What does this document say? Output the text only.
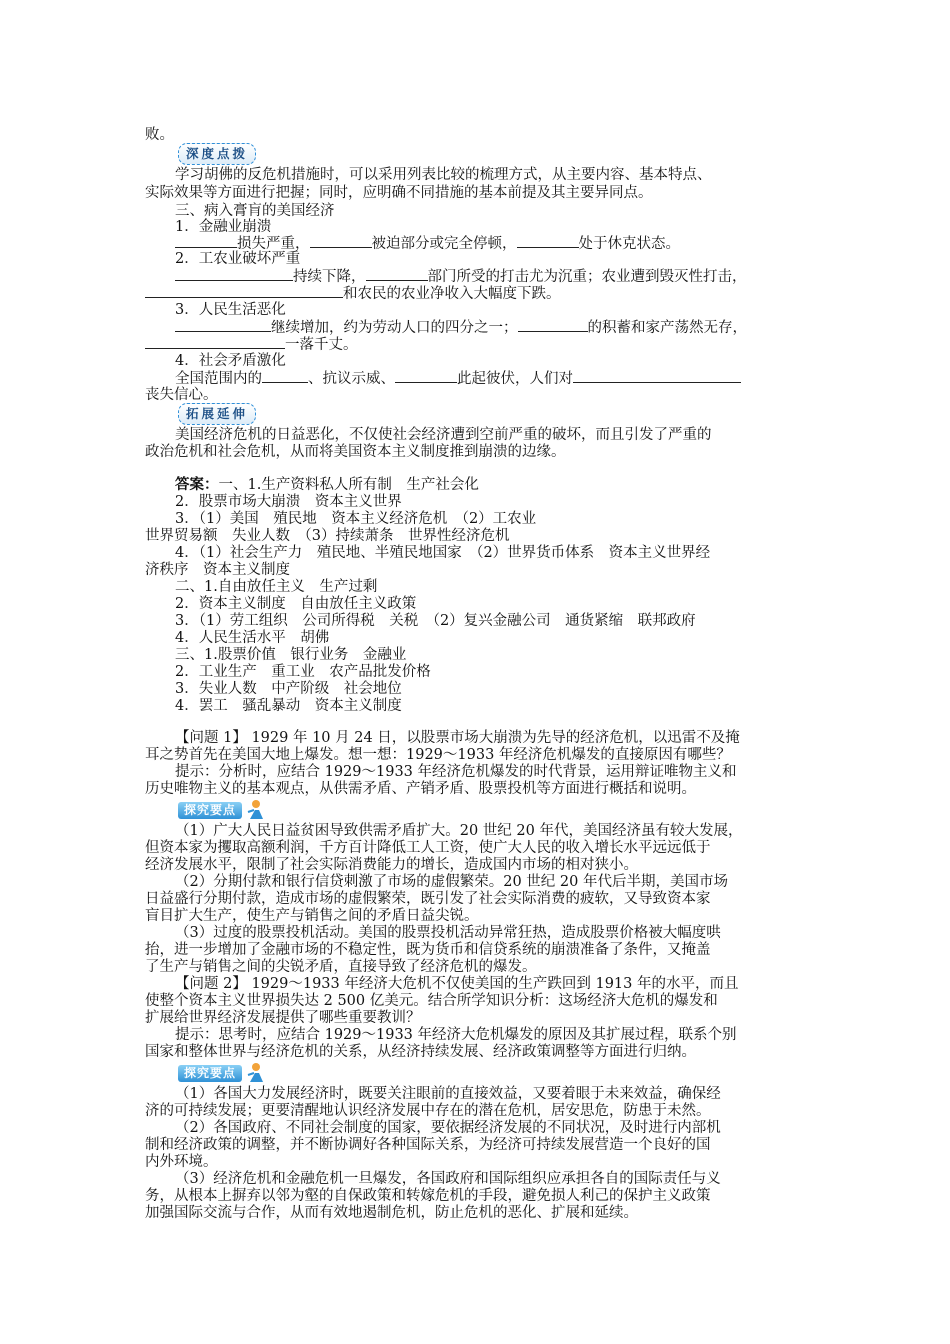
败。
深度点拨
学习胡佛的反危机措施时，可以采用列表比较的梳理方式，从主要内容、基本特点、
实际效果等方面进行把握；同时，应明确不同措施的基本前提及其主要异同点。
三、病入膏肓的美国经济
1．金融业崩溃
损失严重，	被迫部分或完全停顿，	处于休克状态。
2．工农业破坏严重
持续下降，	部门所受的打击尤为沉重；农业遭到毁灭性打击，
和农民的农业净收入大幅度下跌。
3．人民生活恶化
继续增加，约为劳动人口的四分之一；	的积蓄和家产荡然无存，
一落千丈。
4．社会矛盾激化
全国范围内的	、抗议示威、	此起彼伏，人们对
丧失信心。
拓展延伸
美国经济危机的日益恶化，不仅使社会经济遭到空前严重的破坏，而且引发了严重的
政治危机和社会危机，从而将美国资本主义制度推到崩溃的边缘。
答案：一、1.生产资料私人所有制　生产社会化
2．股票市场大崩溃　资本主义世界
3．（1）美国　殖民地　资本主义经济危机　（2）工农业
世界贸易额　失业人数　（3）持续萧条　世界性经济危机
4．（1）社会生产力　殖民地、半殖民地国家　（2）世界货币体系　资本主义世界经
济秩序　资本主义制度
二、1.自由放任主义　生产过剩
2．资本主义制度　自由放任主义政策
3．（1）劳工组织　公司所得税　关税　（2）复兴金融公司　通货紧缩　联邦政府
4．人民生活水平　胡佛
三、1.股票价值　银行业务　金融业
2．工业生产　重工业　农产品批发价格
3．失业人数　中产阶级　社会地位
4．罢工　骚乱暴动　资本主义制度
【问题 1】 1929 年 10 月 24 日，以股票市场大崩溃为先导的经济危机，以迅雷不及掩
耳之势首先在美国大地上爆发。想一想：1929～1933 年经济危机爆发的直接原因有哪些？
提示：分析时，应结合 1929～1933 年经济危机爆发的时代背景，运用辩证唯物主义和
历史唯物主义的基本观点，从供需矛盾、产销矛盾、股票投机等方面进行概括和说明。
探究要点
（1）广大人民日益贫困导致供需矛盾扩大。20 世纪 20 年代，美国经济虽有较大发展，
但资本家为攫取高额利润，千方百计降低工人工资，使广大人民的收入增长水平远远低于
经济发展水平，限制了社会实际消费能力的增长，造成国内市场的相对狭小。
（2）分期付款和银行信贷刺激了市场的虚假繁荣。20 世纪 20 年代后半期，美国市场
日益盛行分期付款，造成市场的虚假繁荣，既引发了社会实际消费的疲软，又导致资本家
盲目扩大生产，使生产与销售之间的矛盾日益尖锐。
（3）过度的股票投机活动。美国的股票投机活动异常狂热，造成股票价格被大幅度哄
抬，进一步增加了金融市场的不稳定性，既为货币和信贷系统的崩溃准备了条件，又掩盖
了生产与销售之间的尖锐矛盾，直接导致了经济危机的爆发。
【问题 2】 1929～1933 年经济大危机不仅使美国的生产跌回到 1913 年的水平，而且
使整个资本主义世界损失达 2 500 亿美元。结合所学知识分析：这场经济大危机的爆发和
扩展给世界经济发展提供了哪些重要教训？
提示：思考时，应结合 1929～1933 年经济大危机爆发的原因及其扩展过程，联系个别
国家和整体世界与经济危机的关系，从经济持续发展、经济政策调整等方面进行归纳。
探究要点
（1）各国大力发展经济时，既要关注眼前的直接效益，又要着眼于未来效益，确保经
济的可持续发展；更要清醒地认识经济发展中存在的潜在危机，居安思危，防患于未然。
（2）各国政府、不同社会制度的国家，要依据经济发展的不同状况，及时进行内部机
制和经济政策的调整，并不断协调好各种国际关系，为经济可持续发展营造一个良好的国
内外环境。
（3）经济危机和金融危机一旦爆发，各国政府和国际组织应承担各自的国际责任与义
务，从根本上摒弃以邻为壑的自保政策和转嫁危机的手段，避免损人利己的保护主义政策
加强国际交流与合作，从而有效地遏制危机，防止危机的恶化、扩展和延续。
